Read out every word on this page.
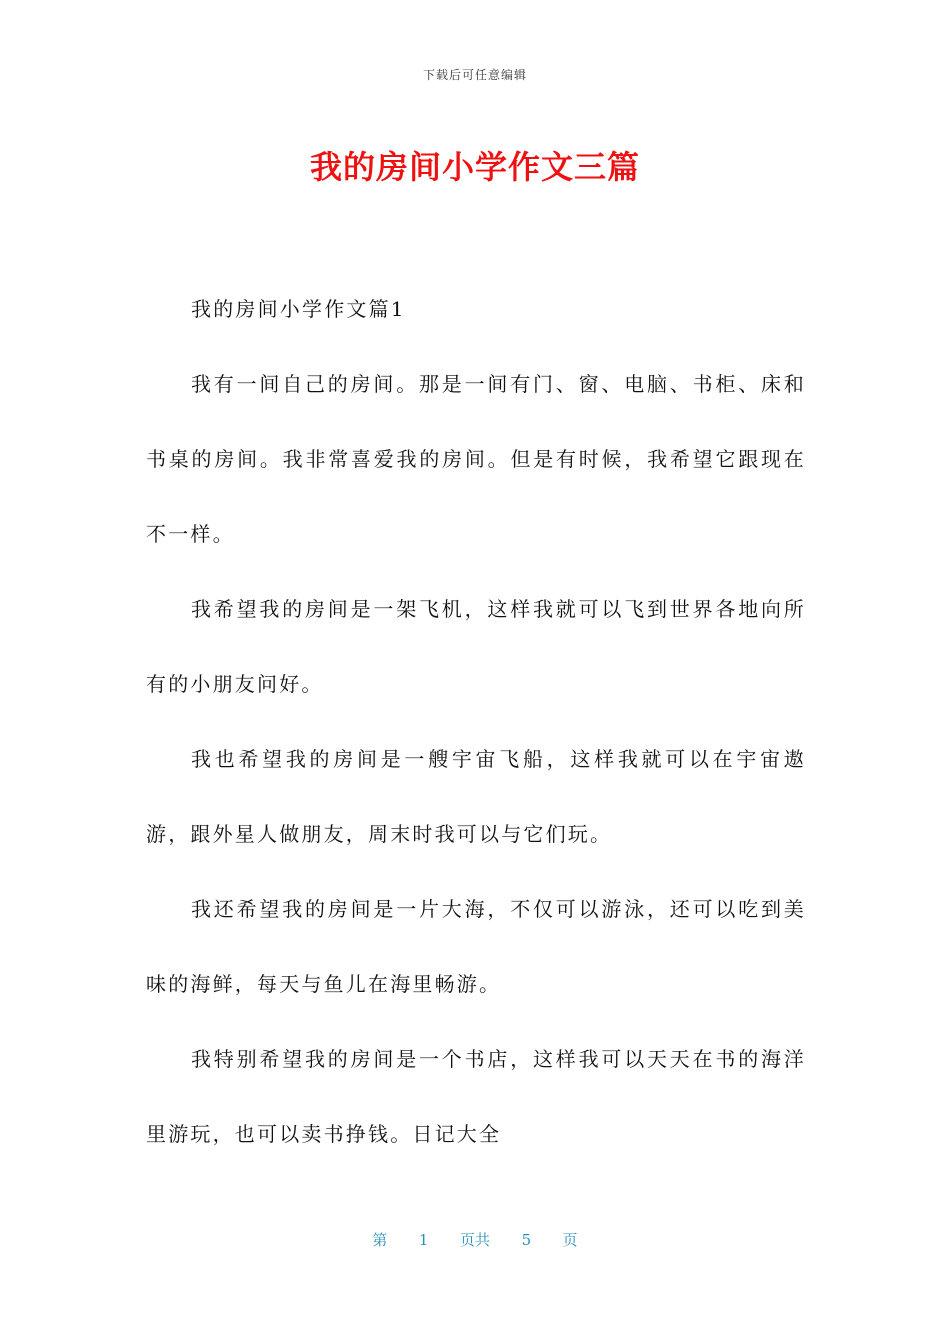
下载后可任意编辑
我的房间小学作文三篇

我的房间小学作文篇1

我有一间自己的房间。那是一间有门、窗、电脑、书柜、床和书桌的房间。我非常喜爱我的房间。但是有时候，我希望它跟现在不一样。

我希望我的房间是一架飞机，这样我就可以飞到世界各地向所有的小朋友问好。

我也希望我的房间是一艘宇宙飞船，这样我就可以在宇宙遨游，跟外星人做朋友，周末时我可以与它们玩。

我还希望我的房间是一片大海，不仅可以游泳，还可以吃到美味的海鲜，每天与鱼儿在海里畅游。

我特别希望我的房间是一个书店，这样我可以天天在书的海洋里游玩，也可以卖书挣钱。日记大全

第 1 页共 5 页
